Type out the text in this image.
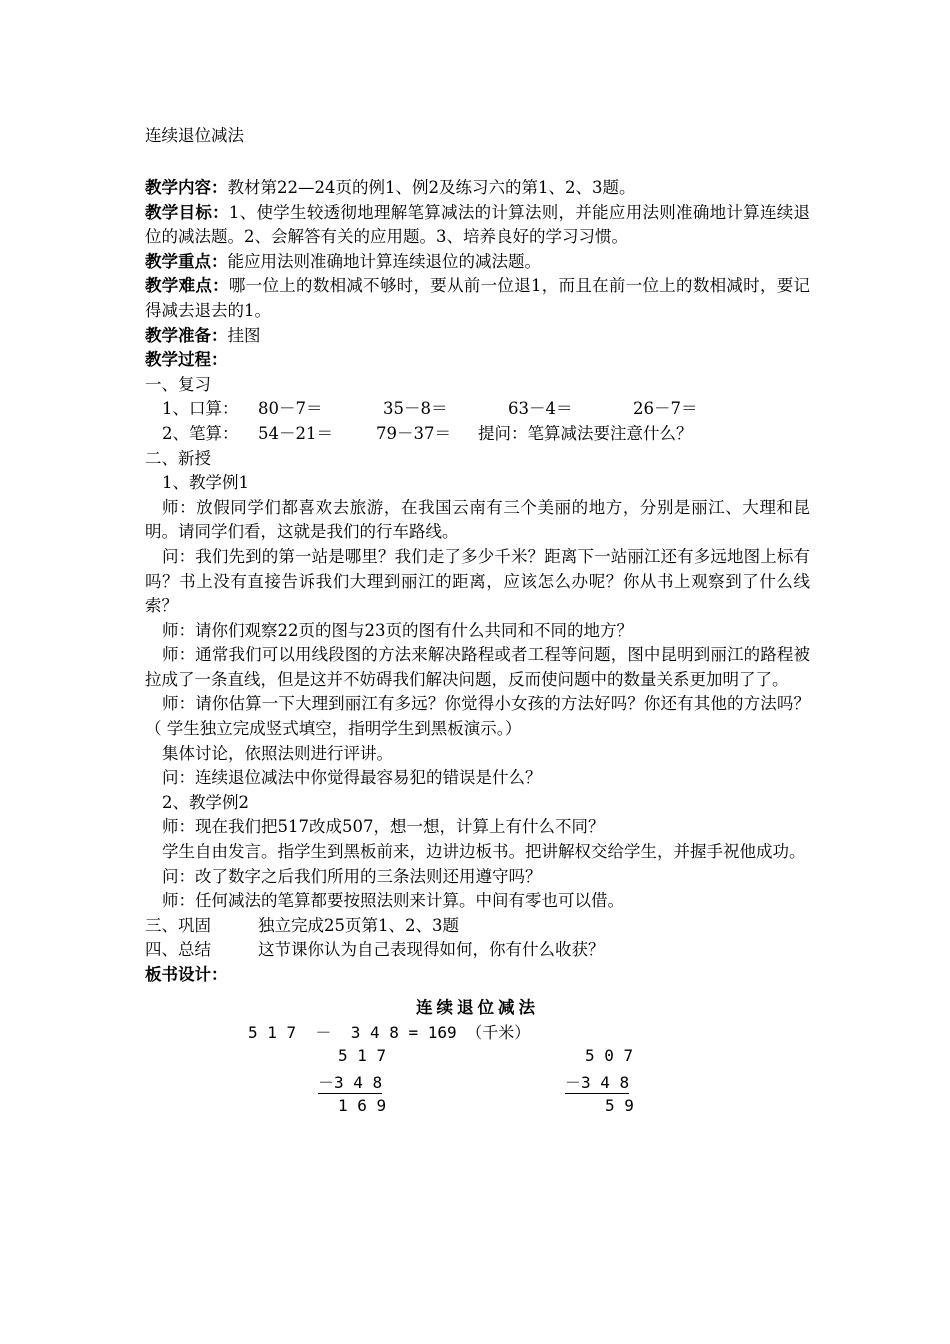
连续退位减法

教学内容：教材第22—24页的例1、例2及练习六的第1、2、3题。

教学目标：1、使学生较透彻地理解笔算减法的计算法则，并能应用法则准确地计算连续退位的减法题。2、会解答有关的应用题。3、培养良好的学习习惯。

教学重点：能应用法则准确地计算连续退位的减法题。

教学难点：哪一位上的数相减不够时，要从前一位退1，而且在前一位上的数相减时，要记得减去退去的1。

教学准备：挂图

教学过程：

一、复习

1、口算：	80－7＝	35－8＝	63－4＝	26－7＝
2、笔算：	54－21＝	79－37＝	提问：笔算减法要注意什么？

二、新授

1、教学例1

师：放假同学们都喜欢去旅游，在我国云南有三个美丽的地方，分别是丽江、大理和昆明。请同学们看，这就是我们的行车路线。

问：我们先到的第一站是哪里？我们走了多少千米？距离下一站丽江还有多远地图上标有吗？书上没有直接告诉我们大理到丽江的距离，应该怎么办呢？你从书上观察到了什么线索？

师：请你们观察22页的图与23页的图有什么共同和不同的地方？

师：通常我们可以用线段图的方法来解决路程或者工程等问题，图中昆明到丽江的路程被拉成了一条直线，但是这并不妨碍我们解决问题，反而使问题中的数量关系更加明了了。

师：请你估算一下大理到丽江有多远？你觉得小女孩的方法好吗？你还有其他的方法吗？（ 学生独立完成竖式填空，指明学生到黑板演示。）

集体讨论，依照法则进行评讲。

问：连续退位减法中你觉得最容易犯的错误是什么？

2、教学例2

师：现在我们把517改成507，想一想，计算上有什么不同？

学生自由发言。指学生到黑板前来，边讲边板书。把讲解权交给学生，并握手祝他成功。

问：改了数字之后我们所用的三条法则还用遵守吗？

师：任何减法的笔算都要按照法则来计算。中间有零也可以借。

三、巩固	独立完成25页第1、2、3题
四、总结	这节课你认为自己表现得如何，你有什么收获？

板书设计：

连续退位减法

5 1 7  －  3 4 8 = 169 （千米）
5 1 7
－3 4 8
1 6 9
5 0 7
－3 4 8
5 9
